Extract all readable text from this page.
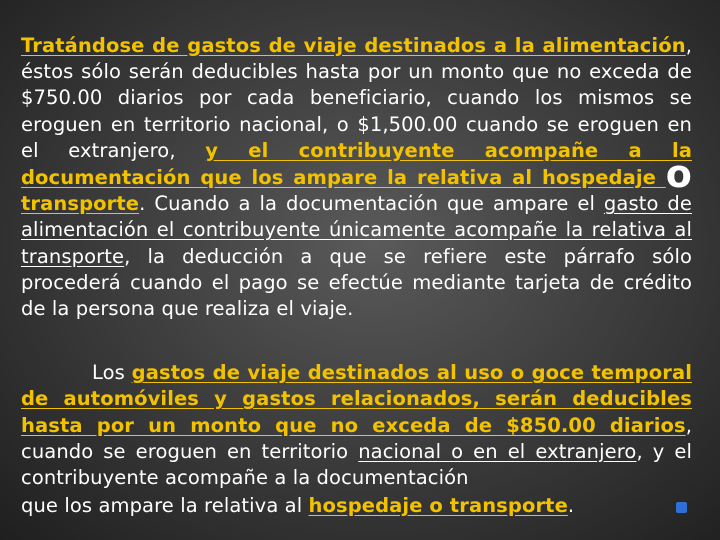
Tratándose de gastos de viaje destinados a la alimentación, éstos sólo serán deducibles hasta por un monto que no exceda de $750.00 diarios por cada beneficiario, cuando los mismos se eroguen en territorio nacional, o $1,500.00 cuando se eroguen en el extranjero, y el contribuyente acompañe a la documentación que los ampare la relativa al hospedaje o transporte. Cuando a la documentación que ampare el gasto de alimentación el contribuyente únicamente acompañe la relativa al transporte, la deducción a que se refiere este párrafo sólo procederá cuando el pago se efectúe mediante tarjeta de crédito de la persona que realiza el viaje.

Los gastos de viaje destinados al uso o goce temporal de automóviles y gastos relacionados, serán deducibles hasta por un monto que no exceda de $850.00 diarios, cuando se eroguen en territorio nacional o en el extranjero, y el contribuyente acompañe a la documentación

que los ampare la relativa al hospedaje o transporte.
